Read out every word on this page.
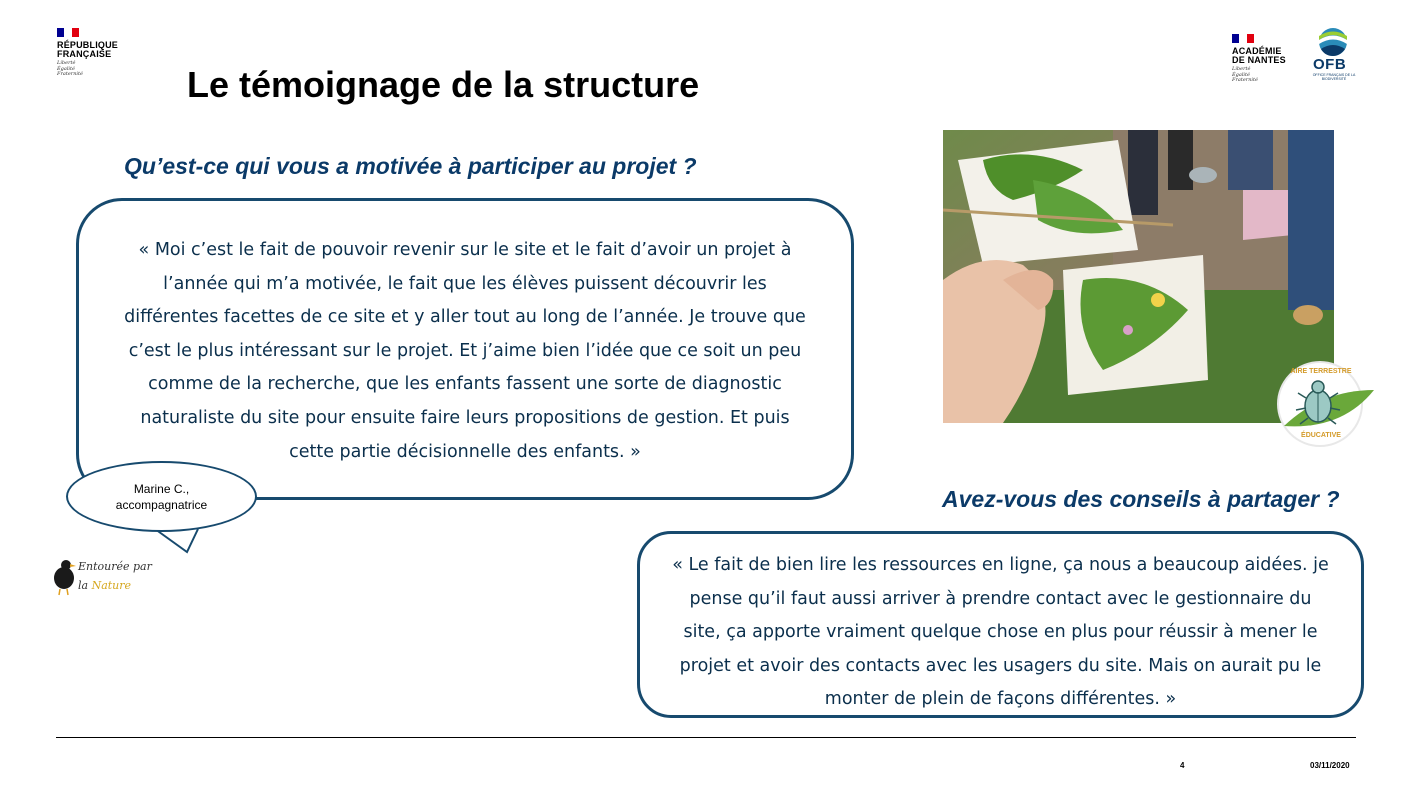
RÉPUBLIQUE
FRANÇAISE
Liberté
Égalité
Fraternité
ACADÉMIE
DE NANTES
Liberté
Égalité
Fraternité
OFB
OFFICE FRANÇAIS DE LA BIODIVERSITÉ
Le témoignage de la structure
Qu’est-ce qui vous a motivée à participer au projet ?
« Moi c’est le fait de pouvoir revenir sur le site et le fait d’avoir un projet à
l’année qui m’a motivée, le fait que les élèves puissent découvrir les
différentes facettes de ce site et y aller tout au long de l’année. Je trouve que
c’est le plus intéressant sur le projet. Et j’aime bien l’idée que ce soit un peu
comme de la recherche, que les enfants fassent une sorte de diagnostic
naturaliste du site pour ensuite faire leurs propositions de gestion. Et puis
cette partie décisionnelle des enfants. »
Marine C.,
accompagnatrice
Entourée par
la Nature
AIRE TERRESTRE
ÉDUCATIVE
Avez-vous des conseils à partager ?
« Le fait de bien lire les ressources en ligne, ça nous a beaucoup aidées. je
pense qu’il faut aussi arriver à prendre contact avec le gestionnaire du
site, ça apporte vraiment quelque chose en plus pour réussir à mener le
projet et avoir des contacts avec les usagers du site. Mais on aurait pu le
monter de plein de façons différentes. »
4	03/11/2020
